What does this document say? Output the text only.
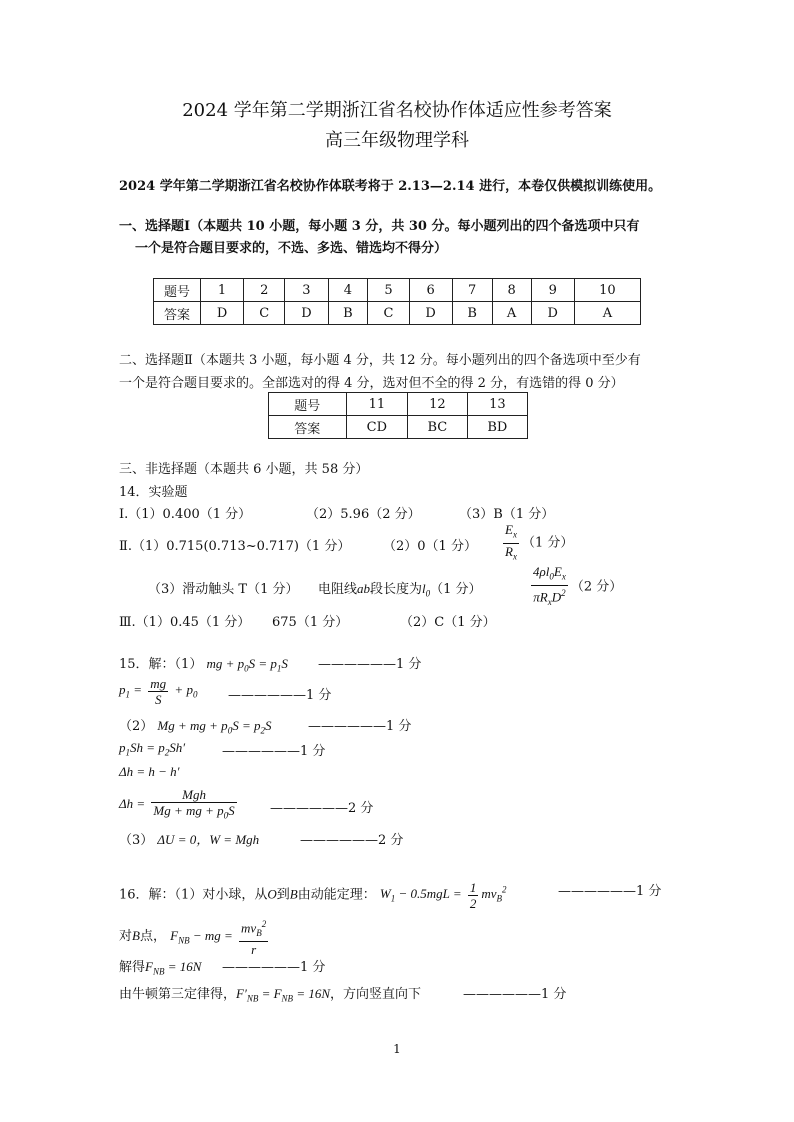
2024 学年第二学期浙江省名校协作体适应性参考答案
高三年级物理学科
2024 学年第二学期浙江省名校协作体联考将于 2.13—2.14 进行，本卷仅供模拟训练使用。
一、选择题Ⅰ（本题共 10 小题，每小题 3 分，共 30 分。每小题列出的四个备选项中只有
一个是符合题目要求的，不选、多选、错选均不得分）
题号	1	2	3	4	5	6	7	8	9	10
答案	D	C	D	B	C	D	B	A	D	A
二、选择题Ⅱ（本题共 3 小题，每小题 4 分，共 12 分。每小题列出的四个备选项中至少有
一个是符合题目要求的。全部选对的得 4 分，选对但不全的得 2 分，有选错的得 0 分）
题号	11	12	13
答案	CD	BC	BD
三、非选择题（本题共 6 小题，共 58 分）
14．实验题
Ⅰ.（1）0.400（1 分）	（2）5.96（2 分）	（3）B（1 分）
Ⅱ.（1）0.715(0.713~0.717)（1 分）	（2）0（1 分） $\frac{E_x}{R_x} (1$ 分）
（3）滑动触头 T（1 分） 电阻线ab段长度为$l_0(1$ 分）	$\frac{4\rho l_0E_x}{\pi R_xD^2} (2$ 分）
Ⅲ.（1）0.45（1 分） 675（1 分）	（2）C（1 分）
15．解：（1） mg + $p_0S = p_1S$ ——————1 分
$p_1 = \frac{mg}{S} + p_0$ ——————1 分
（2） Mg + mg + $p_0S = p_2S$	——————1 分
$p_1Sh = p_2Sh'$	——————1 分
Δh = h − h′
$\Delta h = \frac{\text{Mgh}}{Mg + mg + p_0S}$	——————2 分
（3） ΔU = 0，W = Mgh	——————2 分
16．解：（1）对小球，从O到B由动能定理： $W_1 - 0.5mgL = \frac{1}{2} mv_B^2$	——————1 分
对B点， $F_{NB}$ − mg = $\frac{mv_B^2}{r}$
解得$F_{NB} = 16N$ ——————1 分
由牛顿第三定律得，$F'_{NB} = F_{NB} = 16N$，方向竖直向下	——————1 分
1
